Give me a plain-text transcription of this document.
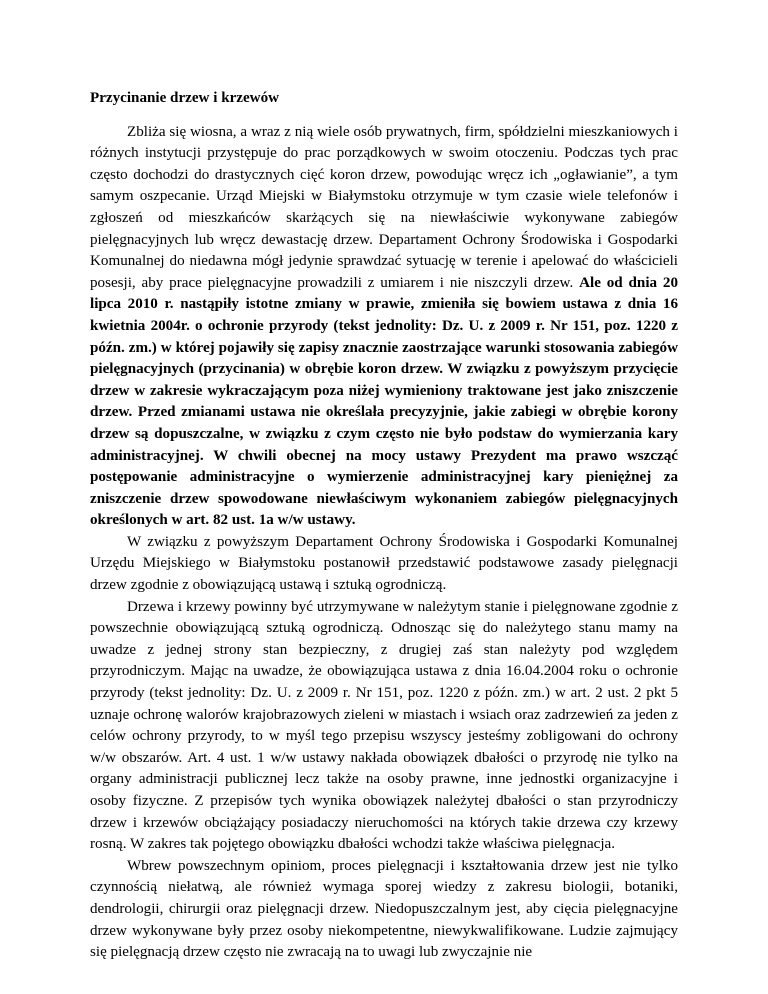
Przycinanie drzew i krzewów

Zbliża się wiosna, a wraz z nią wiele osób prywatnych, firm, spółdzielni mieszkaniowych i różnych instytucji przystępuje do prac porządkowych w swoim otoczeniu. Podczas tych prac często dochodzi do drastycznych cięć koron drzew, powodując wręcz ich „ogławianie”, a tym samym oszpecanie. Urząd Miejski w Białymstoku otrzymuje w tym czasie wiele telefonów i zgłoszeń od mieszkańców skarżących się na niewłaściwie wykonywane zabiegów pielęgnacyjnych lub wręcz dewastację drzew. Departament Ochrony Środowiska i Gospodarki Komunalnej do niedawna mógł jedynie sprawdzać sytuację w terenie i apelować do właścicieli posesji, aby prace pielęgnacyjne prowadzili z umiarem i nie niszczyli drzew. Ale od dnia 20 lipca 2010 r. nastąpiły istotne zmiany w prawie, zmieniła się bowiem ustawa z dnia 16 kwietnia 2004r. o ochronie przyrody (tekst jednolity: Dz. U. z 2009 r. Nr 151, poz. 1220 z późn. zm.) w której pojawiły się zapisy znacznie zaostrzające warunki stosowania zabiegów pielęgnacyjnych (przycinania) w obrębie koron drzew. W związku z powyższym przycięcie drzew w zakresie wykraczającym poza niżej wymieniony traktowane jest jako zniszczenie drzew. Przed zmianami ustawa nie określała precyzyjnie, jakie zabiegi w obrębie korony drzew są dopuszczalne, w związku z czym często nie było podstaw do wymierzania kary administracyjnej. W chwili obecnej na mocy ustawy Prezydent ma prawo wszcząć postępowanie administracyjne o wymierzenie administracyjnej kary pieniężnej za zniszczenie drzew spowodowane niewłaściwym wykonaniem zabiegów pielęgnacyjnych określonych w art. 82 ust. 1a w/w ustawy.

W związku z powyższym Departament Ochrony Środowiska i Gospodarki Komunalnej Urzędu Miejskiego w Białymstoku postanowił przedstawić podstawowe zasady pielęgnacji drzew zgodnie z obowiązującą ustawą i sztuką ogrodniczą.

Drzewa i krzewy powinny być utrzymywane w należytym stanie i pielęgnowane zgodnie z powszechnie obowiązującą sztuką ogrodniczą. Odnosząc się do należytego stanu mamy na uwadze z jednej strony stan bezpieczny, z drugiej zaś stan należyty pod względem przyrodniczym. Mając na uwadze, że obowiązująca ustawa z dnia 16.04.2004 roku o ochronie przyrody (tekst jednolity: Dz. U. z 2009 r. Nr 151, poz. 1220 z późn. zm.) w art. 2 ust. 2 pkt 5 uznaje ochronę walorów krajobrazowych zieleni w miastach i wsiach oraz zadrzewień za jeden z celów ochrony przyrody, to w myśl tego przepisu wszyscy jesteśmy zobligowani do ochrony w/w obszarów. Art. 4 ust. 1 w/w ustawy nakłada obowiązek dbałości o przyrodę nie tylko na organy administracji publicznej lecz także na osoby prawne, inne jednostki organizacyjne i osoby fizyczne. Z przepisów tych wynika obowiązek należytej dbałości o stan przyrodniczy drzew i krzewów obciążający posiadaczy nieruchomości na których takie drzewa czy krzewy rosną. W zakres tak pojętego obowiązku dbałości wchodzi także właściwa pielęgnacja.

Wbrew powszechnym opiniom, proces pielęgnacji i kształtowania drzew jest nie tylko czynnością niełatwą, ale również wymaga sporej wiedzy z zakresu biologii, botaniki, dendrologii, chirurgii oraz pielęgnacji drzew. Niedopuszczalnym jest, aby cięcia pielęgnacyjne drzew wykonywane były przez osoby niekompetentne, niewykwalifikowane. Ludzie zajmujący się pielęgnacją drzew często nie zwracają na to uwagi lub zwyczajnie nie
